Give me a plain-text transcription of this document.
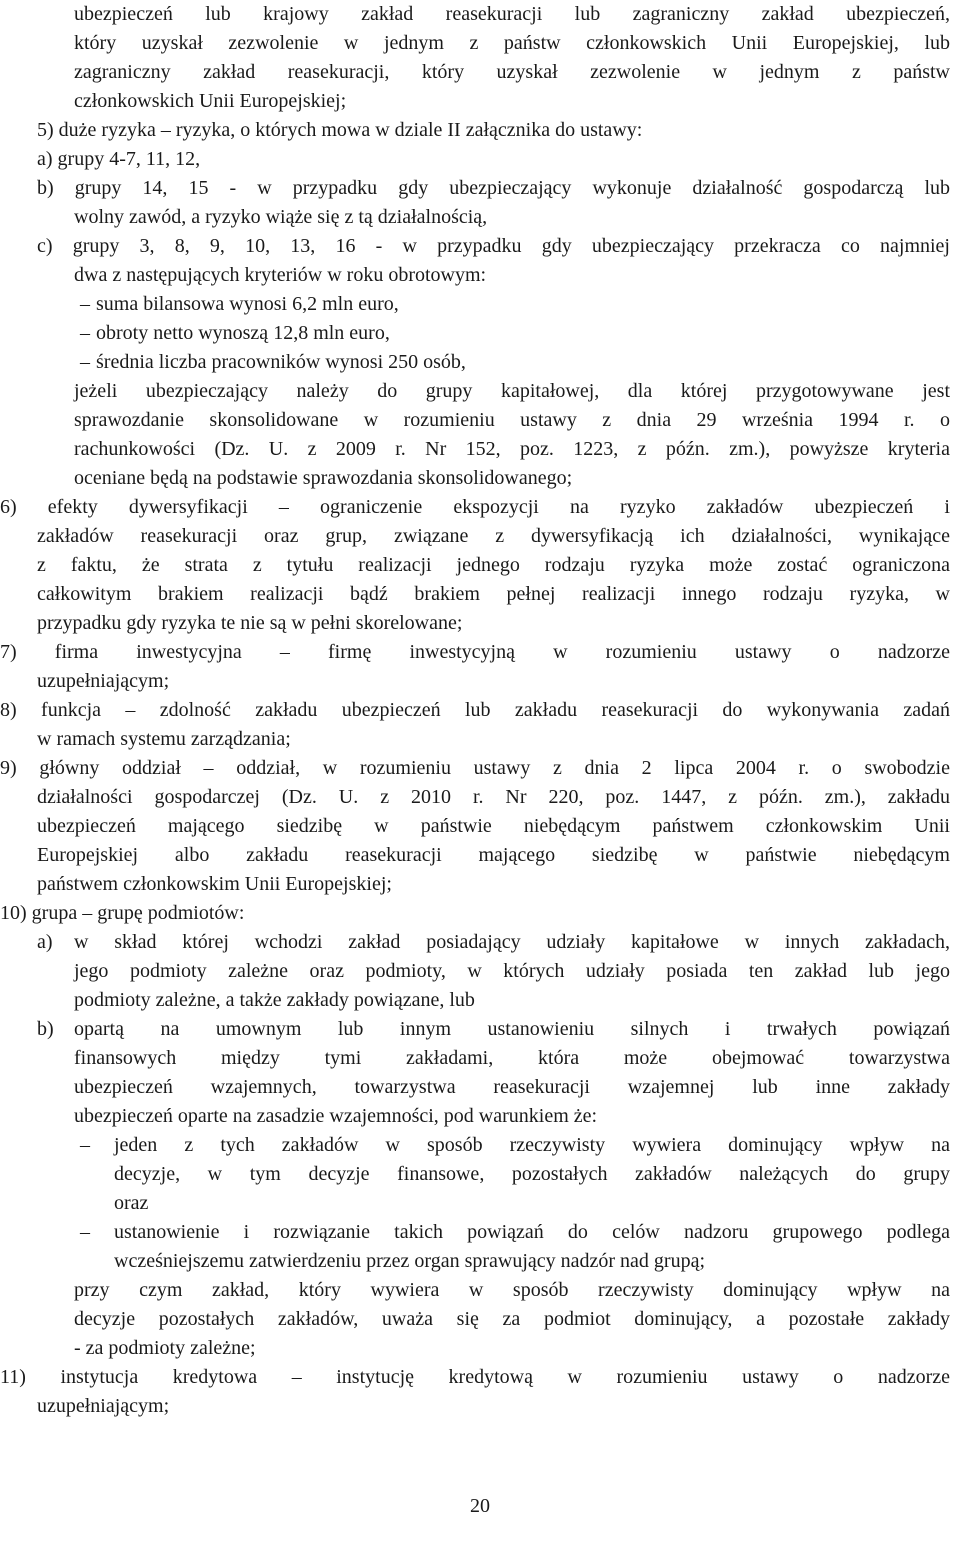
ubezpieczeń lub krajowy zakład reasekuracji lub zagraniczny zakład ubezpieczeń,
który uzyskał zezwolenie w jednym z państw członkowskich Unii Europejskiej, lub
zagraniczny zakład reasekuracji, który uzyskał zezwolenie w jednym z państw
członkowskich Unii Europejskiej;
5) duże ryzyka – ryzyka, o których mowa w dziale II załącznika do ustawy:
a) grupy 4-7, 11, 12,
b) grupy 14, 15 - w przypadku gdy ubezpieczający wykonuje działalność gospodarczą lub
wolny zawód, a ryzyko wiąże się z tą działalnością,
c) grupy 3, 8, 9, 10, 13, 16 - w przypadku gdy ubezpieczający przekracza co najmniej
dwa z następujących kryteriów w roku obrotowym:
– suma bilansowa wynosi 6,2 mln euro,
– obroty netto wynoszą 12,8 mln euro,
– średnia liczba pracowników wynosi 250 osób,
jeżeli ubezpieczający należy do grupy kapitałowej, dla której przygotowywane jest
sprawozdanie skonsolidowane w rozumieniu ustawy z dnia 29 września 1994 r. o
rachunkowości (Dz. U. z 2009 r. Nr 152, poz. 1223, z późn. zm.), powyższe kryteria
oceniane będą na podstawie sprawozdania skonsolidowanego;
6) efekty dywersyfikacji – ograniczenie ekspozycji na ryzyko zakładów ubezpieczeń i
zakładów reasekuracji oraz grup, związane z dywersyfikacją ich działalności, wynikające
z faktu, że strata z tytułu realizacji jednego rodzaju ryzyka może zostać ograniczona
całkowitym brakiem realizacji bądź brakiem pełnej realizacji innego rodzaju ryzyka, w
przypadku gdy ryzyka te nie są w pełni skorelowane;
7) firma inwestycyjna – firmę inwestycyjną w rozumieniu ustawy o nadzorze
uzupełniającym;
8) funkcja – zdolność zakładu ubezpieczeń lub zakładu reasekuracji do wykonywania zadań
w ramach systemu zarządzania;
9) główny oddział – oddział, w rozumieniu ustawy z dnia 2 lipca 2004 r. o swobodzie
działalności gospodarczej (Dz. U. z 2010 r. Nr 220, poz. 1447, z późn. zm.), zakładu
ubezpieczeń mającego siedzibę w państwie niebędącym państwem członkowskim Unii
Europejskiej albo zakładu reasekuracji mającego siedzibę w państwie niebędącym
państwem członkowskim Unii Europejskiej;
10) grupa – grupę podmiotów:
a) w skład której wchodzi zakład posiadający udziały kapitałowe w innych zakładach,
jego podmioty zależne oraz podmioty, w których udziały posiada ten zakład lub jego
podmioty zależne, a także zakłady powiązane, lub
b) opartą na umownym lub innym ustanowieniu silnych i trwałych powiązań
finansowych między tymi zakładami, która może obejmować towarzystwa
ubezpieczeń wzajemnych, towarzystwa reasekuracji wzajemnej lub inne zakłady
ubezpieczeń oparte na zasadzie wzajemności, pod warunkiem że:
– jeden z tych zakładów w sposób rzeczywisty wywiera dominujący wpływ na
decyzje, w tym decyzje finansowe, pozostałych zakładów należących do grupy
oraz
– ustanowienie i rozwiązanie takich powiązań do celów nadzoru grupowego podlega
wcześniejszemu zatwierdzeniu przez organ sprawujący nadzór nad grupą;
przy czym zakład, który wywiera w sposób rzeczywisty dominujący wpływ na
decyzje pozostałych zakładów, uważa się za podmiot dominujący, a pozostałe zakłady
- za podmioty zależne;
11) instytucja kredytowa – instytucję kredytową w rozumieniu ustawy o nadzorze
uzupełniającym;
20
